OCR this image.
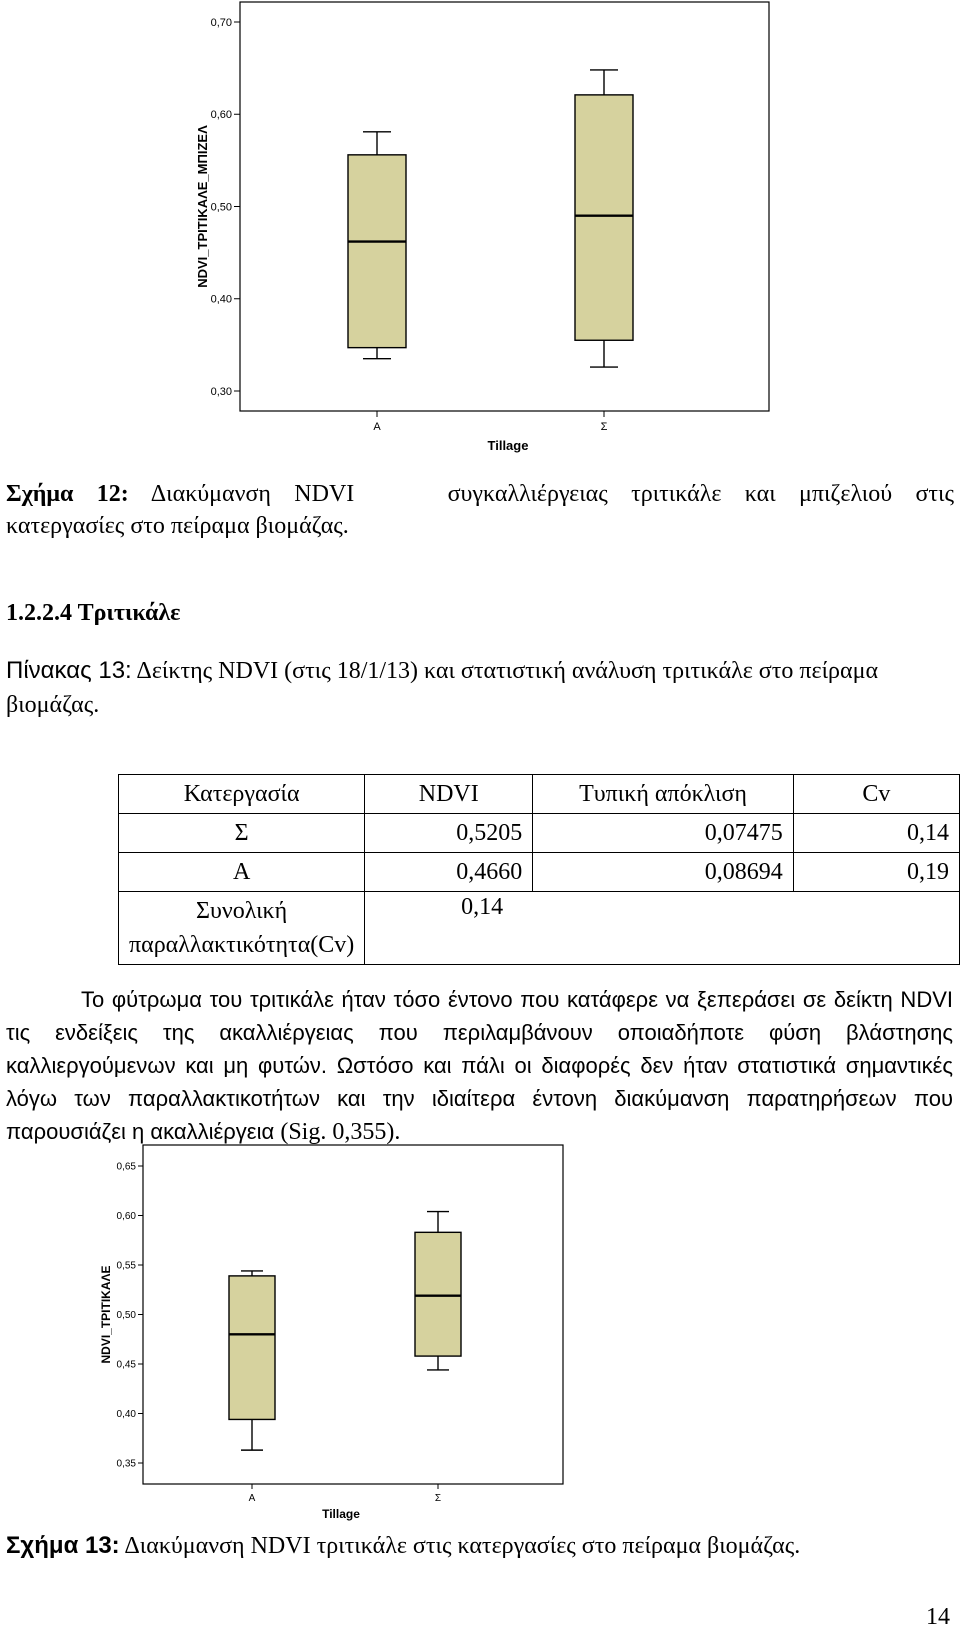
0,30
0,40
0,50
0,60
0,70
NDVI_ΤΡΙΤΙΚΑΛΕ_ΜΠΙΖΕΛ
Α	Σ
Tillage
Σχήμα 12: Διακύμανση NDVI	συγκαλλιέργειας τριτικάλε και μπιζελιού στις
κατεργασίες στο πείραμα βιομάζας.
1.2.2.4 Τριτικάλε
Πίνακας 13: Δείκτης NDVI (στις 18/1/13) και στατιστική ανάλυση τριτικάλε στο πείραμα βιομάζας.
Κατεργασία	NDVI	Τυπική απόκλιση	Cv
Σ	0,5205	0,07475	0,14
Α	0,4660	0,08694	0,19
Συνολική παραλλακτικότητα(Cv)	0,14		
Το φύτρωμα του τριτικάλε ήταν τόσο έντονο που κατάφερε να ξεπεράσει σε δείκτη NDVI τις ενδείξεις της ακαλλιέργειας που περιλαμβάνουν οποιαδήποτε φύση βλάστησης καλλιεργούμενων και μη φυτών. Ωστόσο και πάλι οι διαφορές δεν ήταν στατιστικά σημαντικές λόγω των παραλλακτικοτήτων και την ιδιαίτερα έντονη διακύμανση παρατηρήσεων που παρουσιάζει η ακαλλιέργεια (Sig. 0,355).
0,35
0,40
0,45
0,50
0,55
0,60
0,65
NDVI_ΤΡΙΤΙΚΑΛΕ
Α	Σ
Tillage
Σχήμα 13: Διακύμανση NDVI τριτικάλε στις κατεργασίες στο πείραμα βιομάζας.
14
